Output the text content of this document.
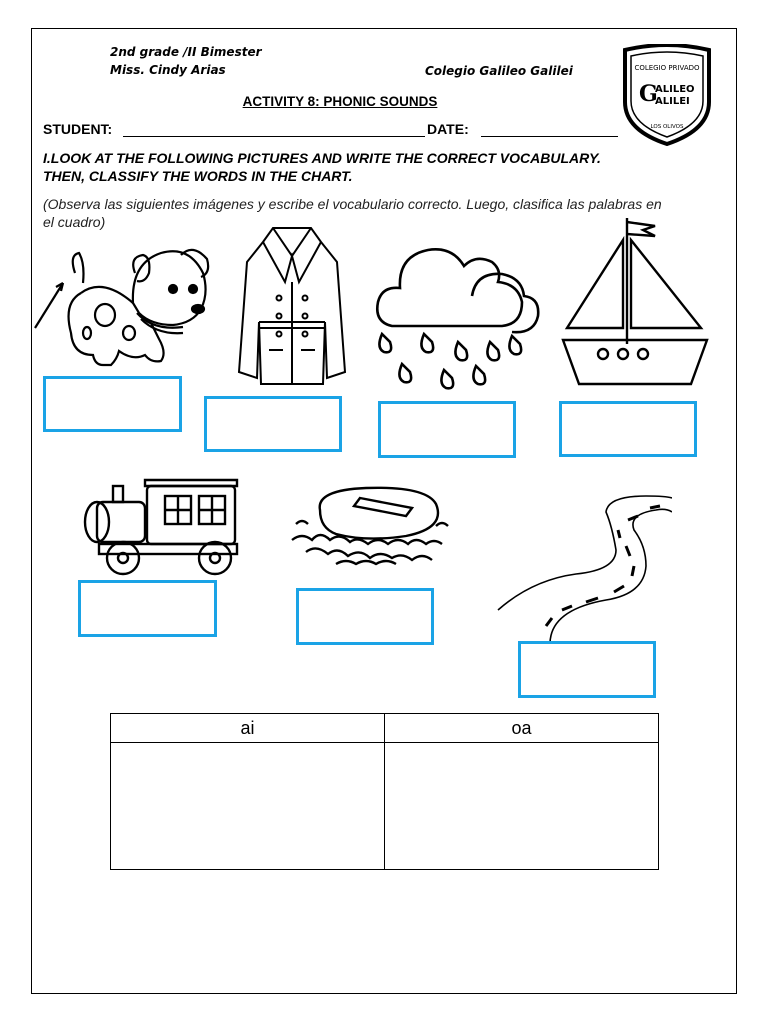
2nd grade /II Bimester
Miss. Cindy Arias	Colegio Galileo Galilei	COLEGIO PRIVADO
G
ALILEO
ALILEI
LOS OLIVOS
ACTIVITY 8: PHONIC SOUNDS
STUDENT:	DATE:
I.LOOK AT THE FOLLOWING PICTURES AND WRITE THE CORRECT VOCABULARY. THEN, CLASSIFY THE WORDS IN THE CHART.
(Observa las siguientes imágenes y escribe el vocabulario correcto. Luego, clasifica las palabras en el cuadro)
ai	oa
